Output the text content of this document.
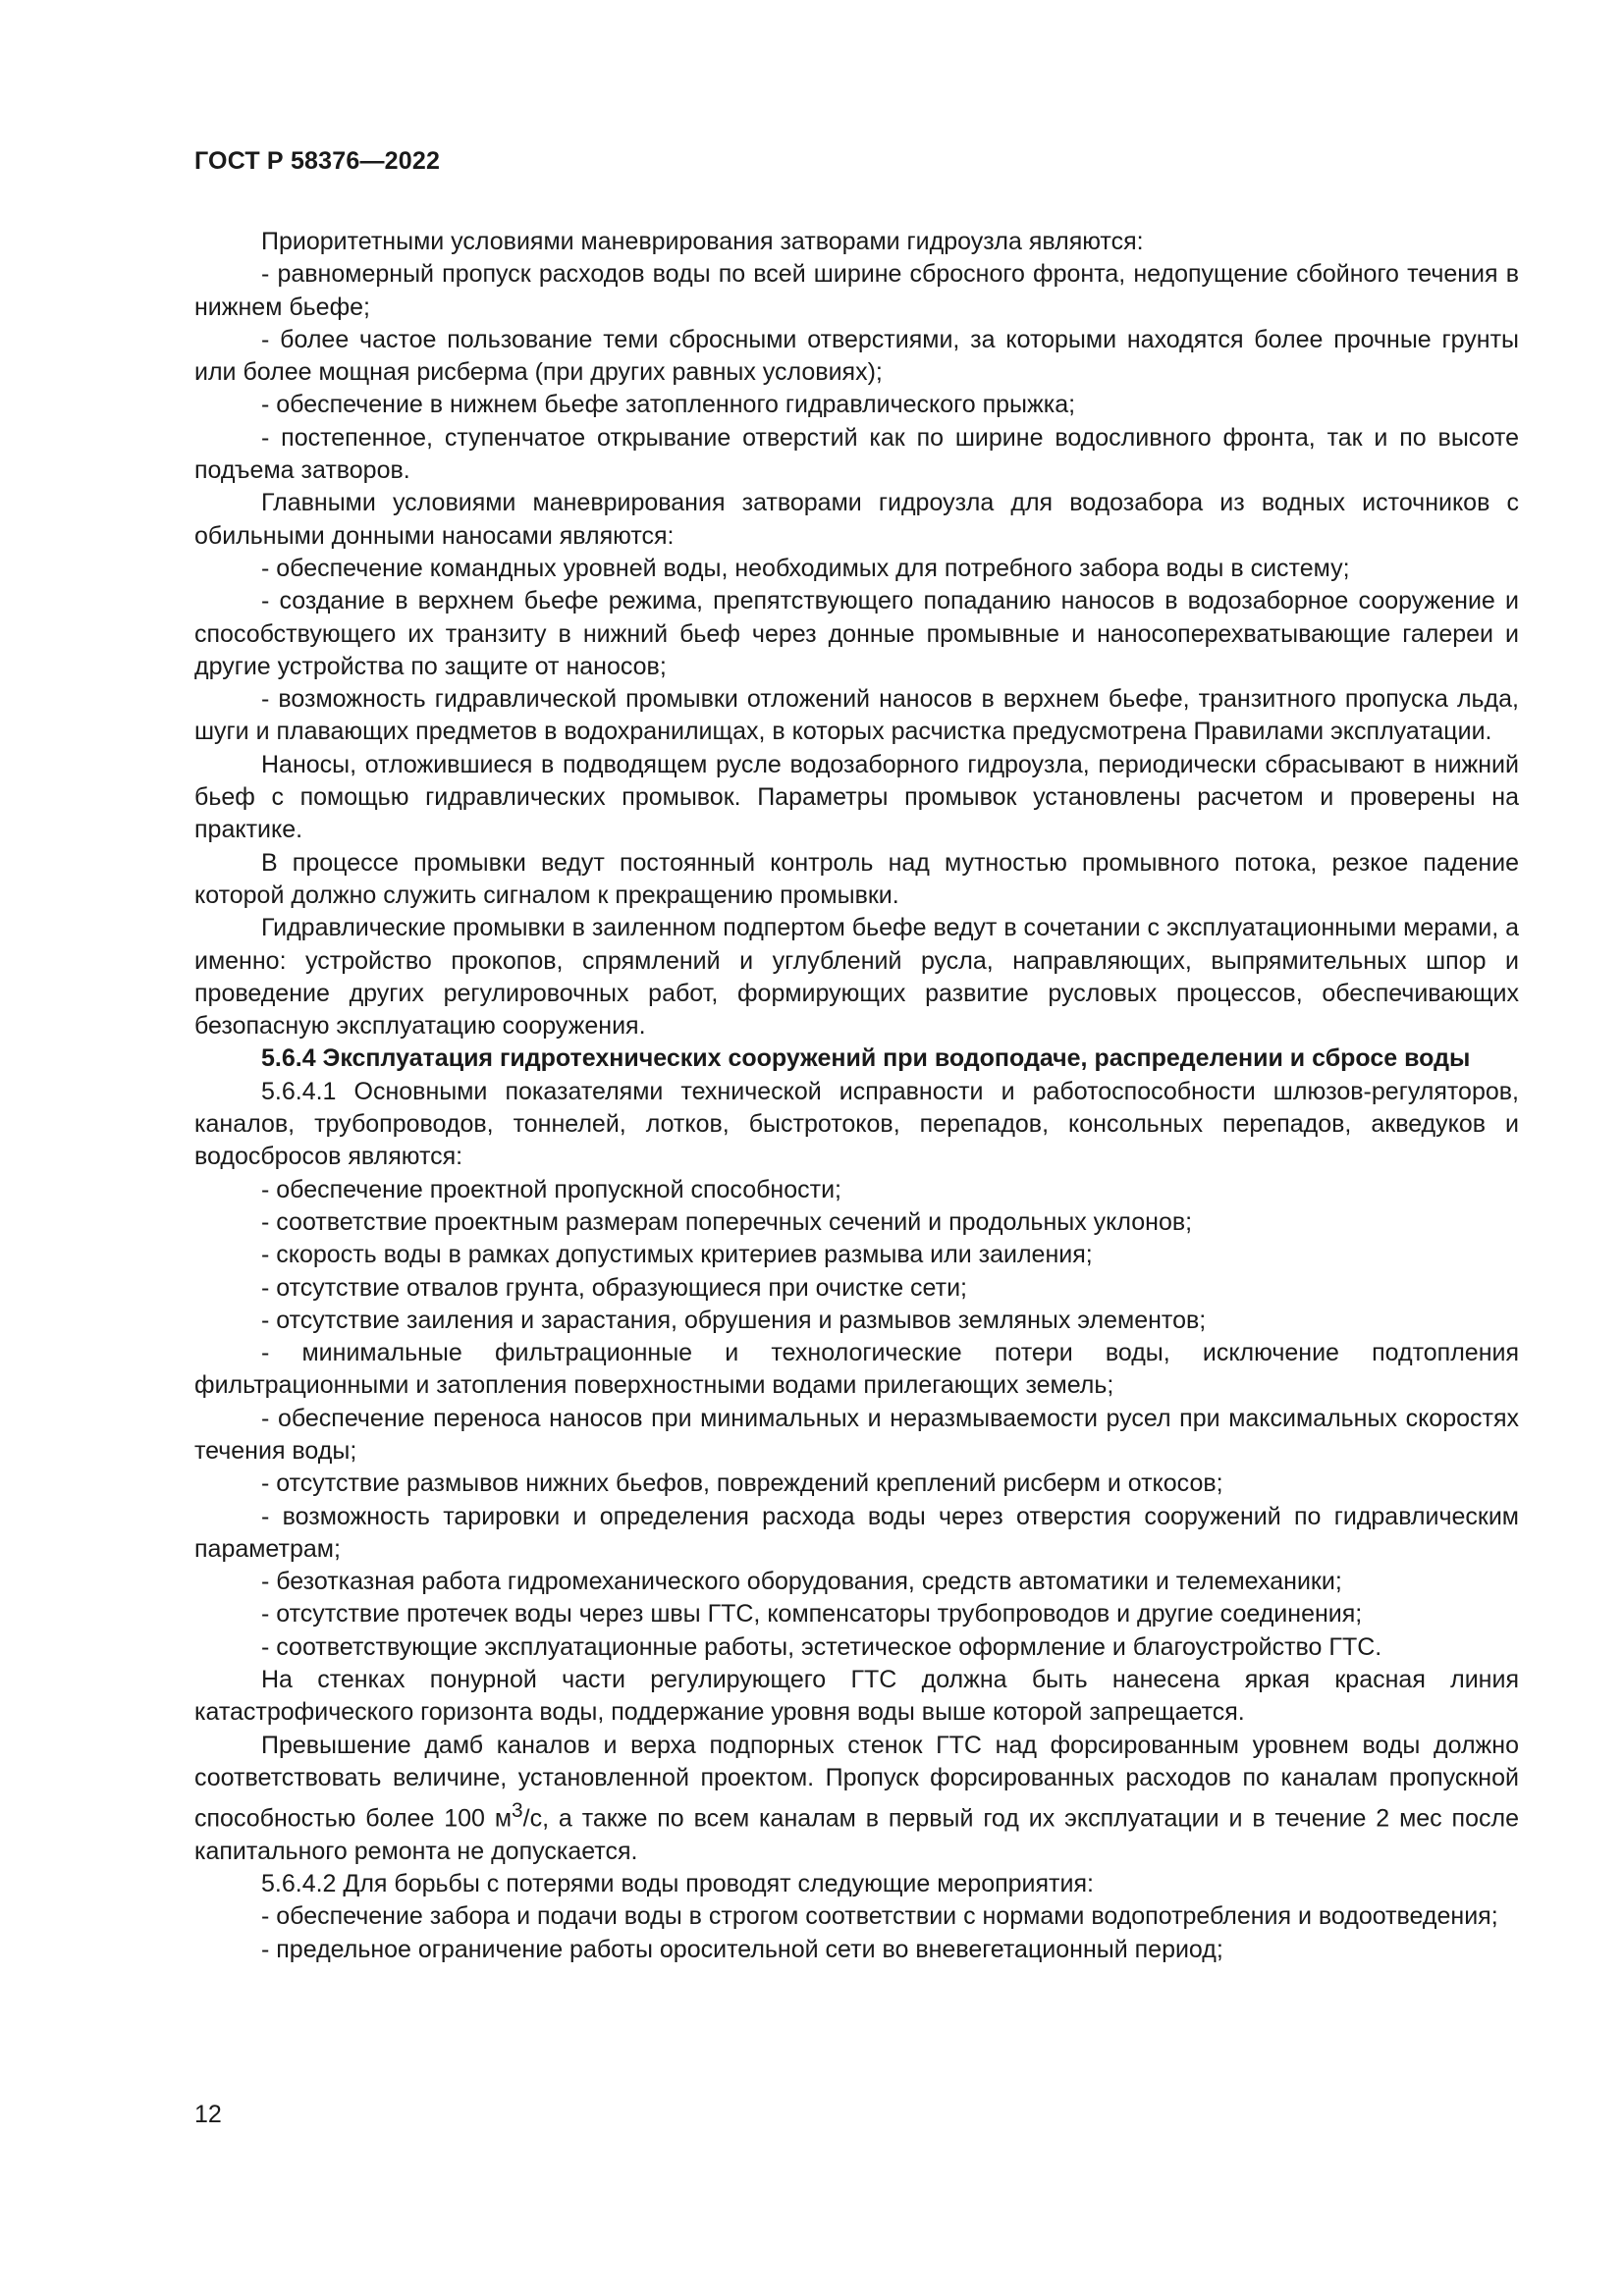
ГОСТ Р 58376—2022

Приоритетными условиями маневрирования затворами гидроузла являются:

- равномерный пропуск расходов воды по всей ширине сбросного фронта, недопущение сбойного течения в нижнем бьефе;

- более частое пользование теми сбросными отверстиями, за которыми находятся более прочные грунты или более мощная рисберма (при других равных условиях);

- обеспечение в нижнем бьефе затопленного гидравлического прыжка;

- постепенное, ступенчатое открывание отверстий как по ширине водосливного фронта, так и по высоте подъема затворов.

Главными условиями маневрирования затворами гидроузла для водозабора из водных источников с обильными донными наносами являются:

- обеспечение командных уровней воды, необходимых для потребного забора воды в систему;

- создание в верхнем бьефе режима, препятствующего попаданию наносов в водозаборное сооружение и способствующего их транзиту в нижний бьеф через донные промывные и наносоперехватывающие галереи и другие устройства по защите от наносов;

- возможность гидравлической промывки отложений наносов в верхнем бьефе, транзитного пропуска льда, шуги и плавающих предметов в водохранилищах, в которых расчистка предусмотрена Правилами эксплуатации.

Наносы, отложившиеся в подводящем русле водозаборного гидроузла, периодически сбрасывают в нижний бьеф с помощью гидравлических промывок. Параметры промывок установлены расчетом и проверены на практике.

В процессе промывки ведут постоянный контроль над мутностью промывного потока, резкое падение которой должно служить сигналом к прекращению промывки.

Гидравлические промывки в заиленном подпертом бьефе ведут в сочетании с эксплуатационными мерами, а именно: устройство прокопов, спрямлений и углублений русла, направляющих, выпрямительных шпор и проведение других регулировочных работ, формирующих развитие русловых процессов, обеспечивающих безопасную эксплуатацию сооружения.

5.6.4 Эксплуатация гидротехнических сооружений при водоподаче, распределении и сбросе воды

5.6.4.1 Основными показателями технической исправности и работоспособности шлюзов-регуляторов, каналов, трубопроводов, тоннелей, лотков, быстротоков, перепадов, консольных перепадов, акведуков и водосбросов являются:

- обеспечение проектной пропускной способности;

- соответствие проектным размерам поперечных сечений и продольных уклонов;

- скорость воды в рамках допустимых критериев размыва или заиления;

- отсутствие отвалов грунта, образующиеся при очистке сети;

- отсутствие заиления и зарастания, обрушения и размывов земляных элементов;

- минимальные фильтрационные и технологические потери воды, исключение подтопления фильтрационными и затопления поверхностными водами прилегающих земель;

- обеспечение переноса наносов при минимальных и неразмываемости русел при максимальных скоростях течения воды;

- отсутствие размывов нижних бьефов, повреждений креплений рисберм и откосов;

- возможность тарировки и определения расхода воды через отверстия сооружений по гидравлическим параметрам;

- безотказная работа гидромеханического оборудования, средств автоматики и телемеханики;

- отсутствие протечек воды через швы ГТС, компенсаторы трубопроводов и другие соединения;

- соответствующие эксплуатационные работы, эстетическое оформление и благоустройство ГТС.

На стенках понурной части регулирующего ГТС должна быть нанесена яркая красная линия катастрофического горизонта воды, поддержание уровня воды выше которой запрещается.

Превышение дамб каналов и верха подпорных стенок ГТС над форсированным уровнем воды должно соответствовать величине, установленной проектом. Пропуск форсированных расходов по каналам пропускной способностью более 100 $м^3/с$, а также по всем каналам в первый год их эксплуатации и в течение 2 мес после капитального ремонта не допускается.

5.6.4.2 Для борьбы с потерями воды проводят следующие мероприятия:

- обеспечение забора и подачи воды в строгом соответствии с нормами водопотребления и водоотведения;

- предельное ограничение работы оросительной сети во вневегетационный период;

12
